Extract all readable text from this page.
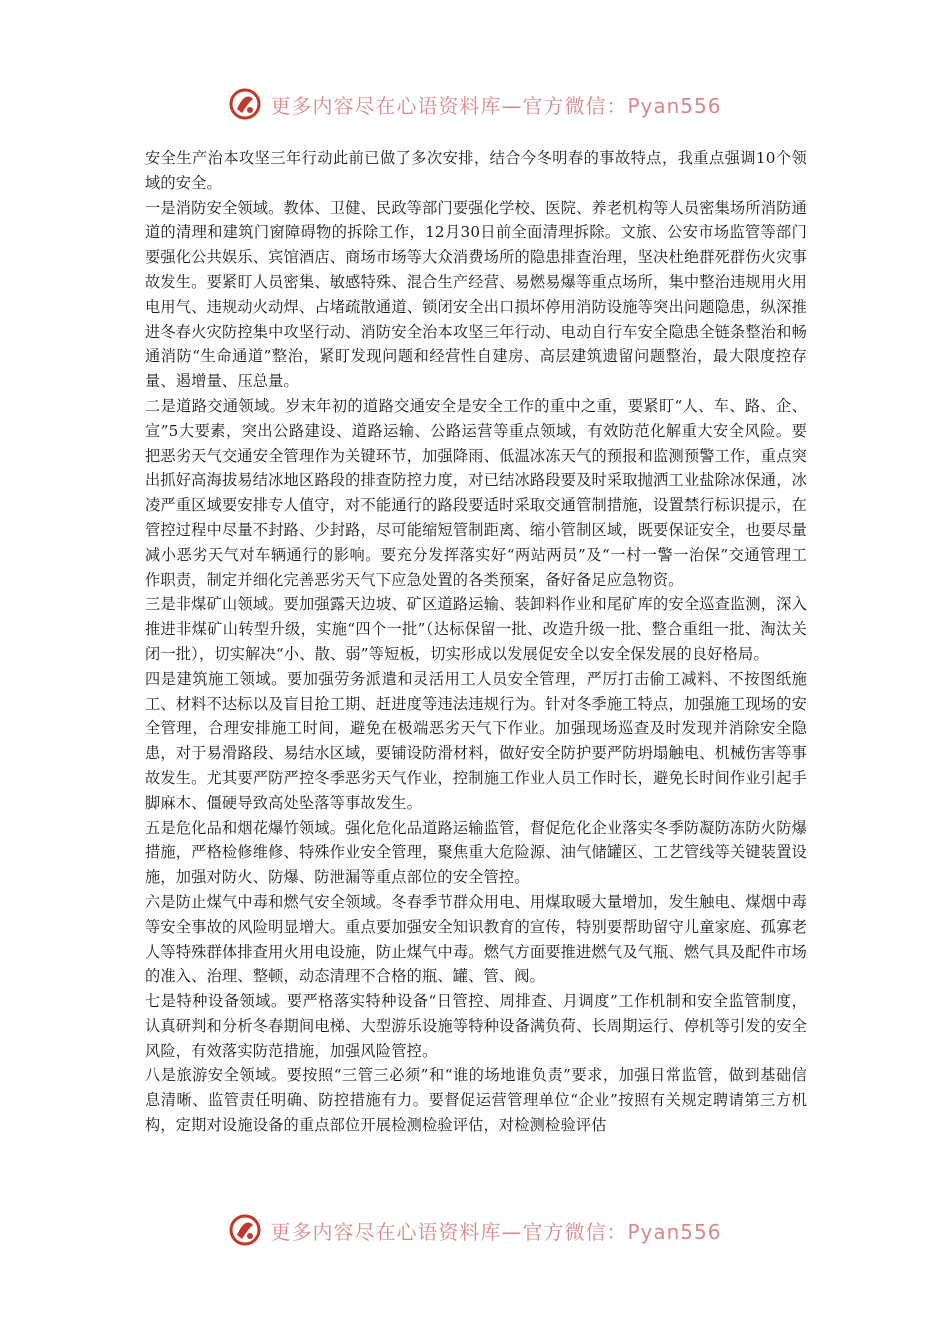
更多内容尽在心语资料库—官方微信：Pyan556

安全生产治本攻坚三年行动此前已做了多次安排，结合今冬明春的事故特点，我重点强调10个领域的安全。

一是消防安全领域。教体、卫健、民政等部门要强化学校、医院、养老机构等人员密集场所消防通道的清理和建筑门窗障碍物的拆除工作，12月30日前全面清理拆除。文旅、公安市场监管等部门要强化公共娱乐、宾馆酒店、商场市场等大众消费场所的隐患排查治理，坚决杜绝群死群伤火灾事故发生。要紧盯人员密集、敏感特殊、混合生产经营、易燃易爆等重点场所，集中整治违规用火用电用气、违规动火动焊、占堵疏散通道、锁闭安全出口损坏停用消防设施等突出问题隐患，纵深推进冬春火灾防控集中攻坚行动、消防安全治本攻坚三年行动、电动自行车安全隐患全链条整治和畅通消防“生命通道”整治，紧盯发现问题和经营性自建房、高层建筑遗留问题整治，最大限度控存量、遏增量、压总量。

二是道路交通领域。岁末年初的道路交通安全是安全工作的重中之重，要紧盯“人、车、路、企、宣”5大要素，突出公路建设、道路运输、公路运营等重点领域，有效防范化解重大安全风险。要把恶劣天气交通安全管理作为关键环节，加强降雨、低温冰冻天气的预报和监测预警工作，重点突出抓好高海拔易结冰地区路段的排查防控力度，对已结冰路段要及时采取抛洒工业盐除冰保通，冰凌严重区域要安排专人值守，对不能通行的路段要适时采取交通管制措施，设置禁行标识提示，在管控过程中尽量不封路、少封路，尽可能缩短管制距离、缩小管制区域，既要保证安全，也要尽量减小恶劣天气对车辆通行的影响。要充分发挥落实好“两站两员”及“一村一警一治保”交通管理工作职责，制定并细化完善恶劣天气下应急处置的各类预案，备好备足应急物资。

三是非煤矿山领域。要加强露天边坡、矿区道路运输、装卸料作业和尾矿库的安全巡查监测，深入推进非煤矿山转型升级，实施“四个一批”（达标保留一批、改造升级一批、整合重组一批、淘汰关闭一批），切实解决“小、散、弱”等短板，切实形成以发展促安全以安全保发展的良好格局。

四是建筑施工领域。要加强劳务派遣和灵活用工人员安全管理，严厉打击偷工减料、不按图纸施工、材料不达标以及盲目抢工期、赶进度等违法违规行为。针对冬季施工特点，加强施工现场的安全管理，合理安排施工时间，避免在极端恶劣天气下作业。加强现场巡查及时发现并消除安全隐患，对于易滑路段、易结水区域，要铺设防滑材料，做好安全防护要严防坍塌触电、机械伤害等事故发生。尤其要严防严控冬季恶劣天气作业，控制施工作业人员工作时长，避免长时间作业引起手脚麻木、僵硬导致高处坠落等事故发生。

五是危化品和烟花爆竹领域。强化危化品道路运输监管，督促危化企业落实冬季防凝防冻防火防爆措施，严格检修维修、特殊作业安全管理，聚焦重大危险源、油气储罐区、工艺管线等关键装置设施，加强对防火、防爆、防泄漏等重点部位的安全管控。

六是防止煤气中毒和燃气安全领域。冬春季节群众用电、用煤取暖大量增加，发生触电、煤烟中毒等安全事故的风险明显增大。重点要加强安全知识教育的宣传，特别要帮助留守儿童家庭、孤寡老人等特殊群体排查用火用电设施，防止煤气中毒。燃气方面要推进燃气及气瓶、燃气具及配件市场的准入、治理、整顿，动态清理不合格的瓶、罐、管、阀。

七是特种设备领域。要严格落实特种设备“日管控、周排查、月调度”工作机制和安全监管制度，认真研判和分析冬春期间电梯、大型游乐设施等特种设备满负荷、长周期运行、停机等引发的安全风险，有效落实防范措施，加强风险管控。

八是旅游安全领域。要按照“三管三必须”和“谁的场地谁负责”要求，加强日常监管，做到基础信息清晰、监管责任明确、防控措施有力。要督促运营管理单位“企业”按照有关规定聘请第三方机构，定期对设施设备的重点部位开展检测检验评估，对检测检验评估

更多内容尽在心语资料库—官方微信：Pyan556
